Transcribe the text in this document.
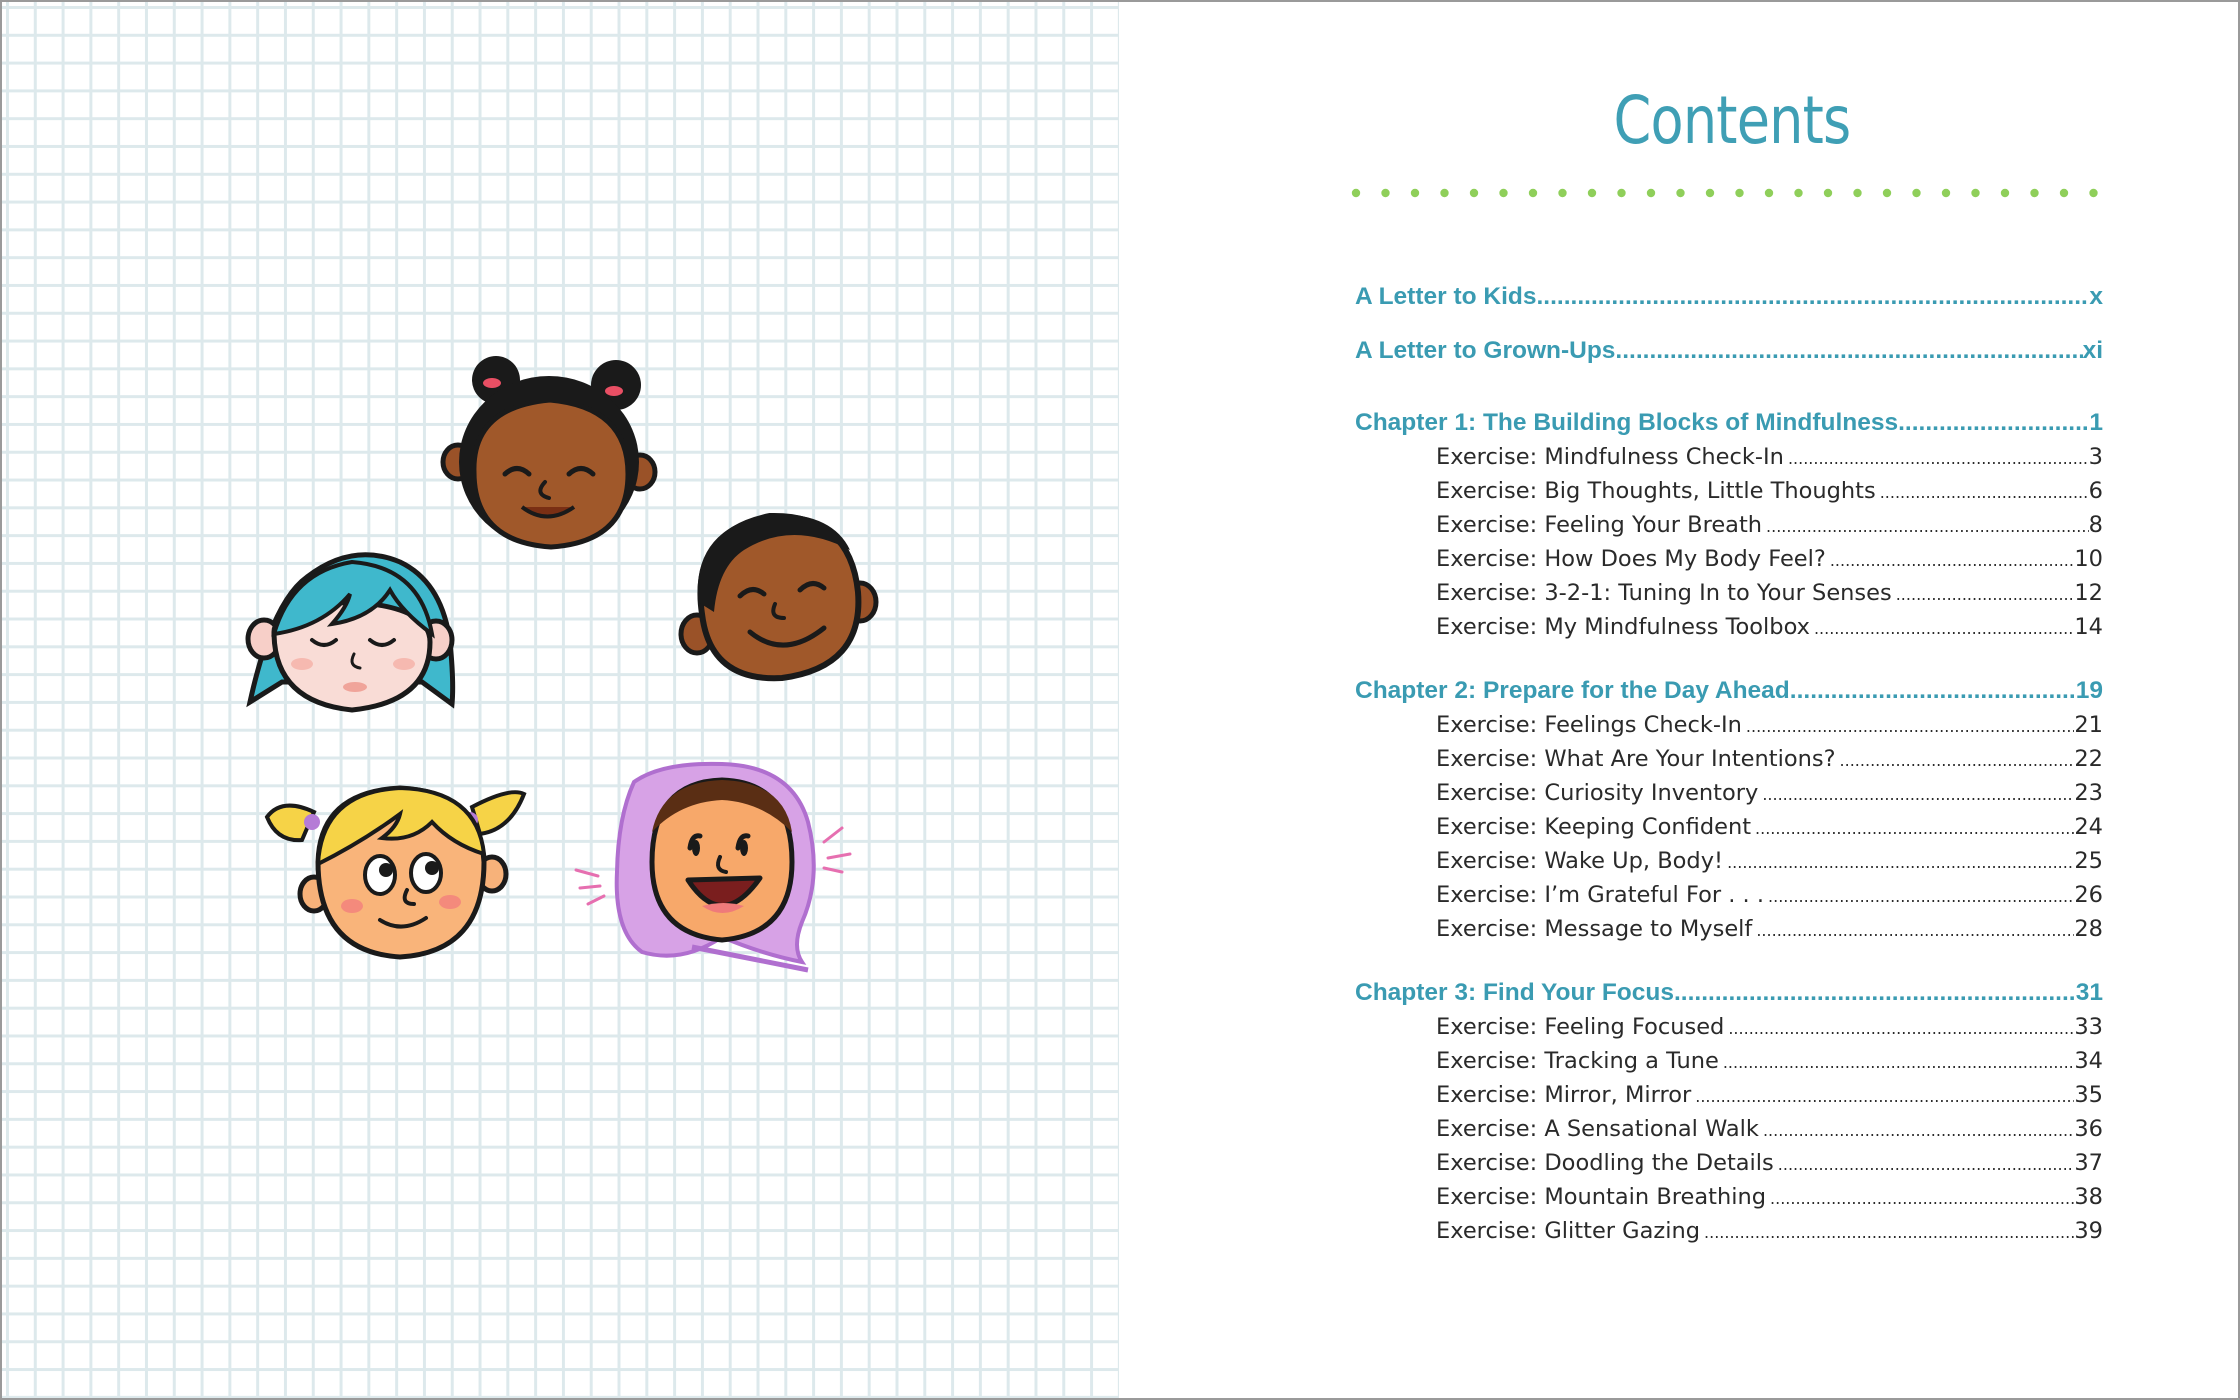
Contents
A Letter to Kids .....	x
A Letter to Grown-Ups .....	xi
Chapter 1: The Building Blocks of Mindfulness .....	1
Exercise: Mindfulness Check-In .....	3
Exercise: Big Thoughts, Little Thoughts .....	6
Exercise: Feeling Your Breath .....	8
Exercise: How Does My Body Feel? .....	10
Exercise: 3-2-1: Tuning In to Your Senses .....	12
Exercise: My Mindfulness Toolbox .....	14
Chapter 2: Prepare for the Day Ahead .....	19
Exercise: Feelings Check-In .....	21
Exercise: What Are Your Intentions? .....	22
Exercise: Curiosity Inventory .....	23
Exercise: Keeping Confident .....	24
Exercise: Wake Up, Body! .....	25
Exercise: I’m Grateful For . . . .....	26
Exercise: Message to Myself .....	28
Chapter 3: Find Your Focus .....	31
Exercise: Feeling Focused .....	33
Exercise: Tracking a Tune .....	34
Exercise: Mirror, Mirror .....	35
Exercise: A Sensational Walk .....	36
Exercise: Doodling the Details .....	37
Exercise: Mountain Breathing .....	38
Exercise: Glitter Gazing .....	39
